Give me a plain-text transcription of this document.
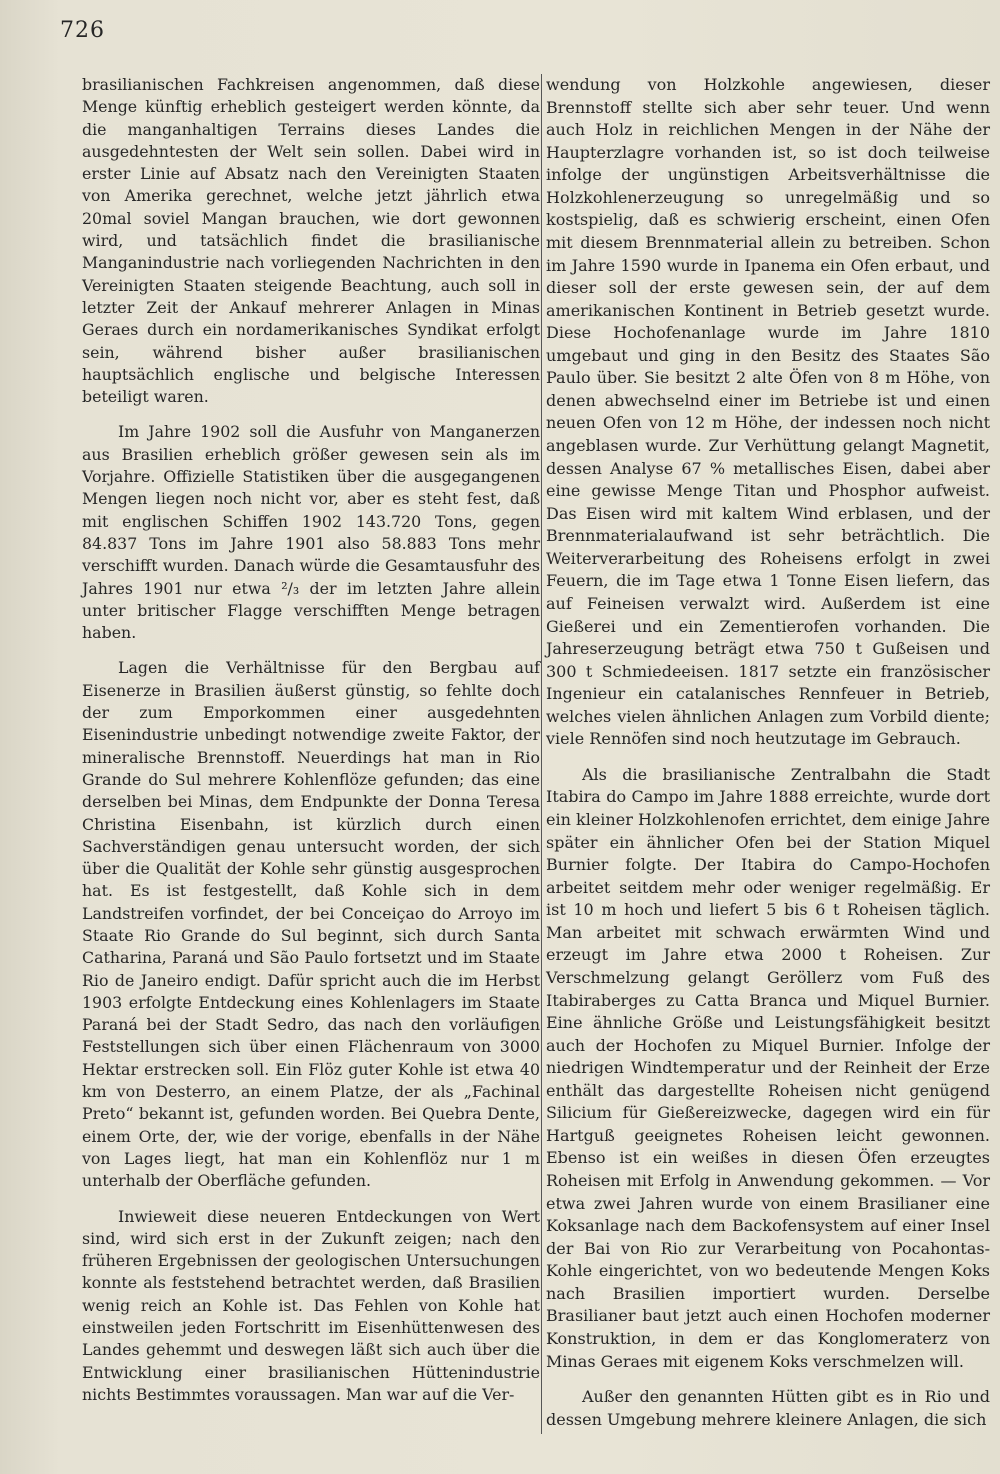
726

brasilianischen Fachkreisen angenommen, daß diese Menge künftig erheblich gesteigert werden könnte, da die manganhaltigen Terrains dieses Landes die ausgedehntesten der Welt sein sollen. Dabei wird in erster Linie auf Absatz nach den Vereinigten Staaten von Amerika gerechnet, welche jetzt jährlich etwa 20mal soviel Mangan brauchen, wie dort gewonnen wird, und tatsächlich findet die brasilianische Manganindustrie nach vorliegenden Nachrichten in den Vereinigten Staaten steigende Beachtung, auch soll in letzter Zeit der Ankauf mehrerer Anlagen in Minas Geraes durch ein nordamerikanisches Syndikat erfolgt sein, während bisher außer brasilianischen hauptsächlich englische und belgische Interessen beteiligt waren.

Im Jahre 1902 soll die Ausfuhr von Manganerzen aus Brasilien erheblich größer gewesen sein als im Vorjahre. Offizielle Statistiken über die ausgegangenen Mengen liegen noch nicht vor, aber es steht fest, daß mit englischen Schiffen 1902 143.720 Tons, gegen 84.837 Tons im Jahre 1901 also 58.883 Tons mehr verschifft wurden. Danach würde die Gesamtausfuhr des Jahres 1901 nur etwa ²/₃ der im letzten Jahre allein unter britischer Flagge verschifften Menge betragen haben.

Lagen die Verhältnisse für den Bergbau auf Eisenerze in Brasilien äußerst günstig, so fehlte doch der zum Emporkommen einer ausgedehnten Eisenindustrie unbedingt notwendige zweite Faktor, der mineralische Brennstoff. Neuerdings hat man in Rio Grande do Sul mehrere Kohlenflöze gefunden; das eine derselben bei Minas, dem Endpunkte der Donna Teresa Christina Eisenbahn, ist kürzlich durch einen Sachverständigen genau untersucht worden, der sich über die Qualität der Kohle sehr günstig ausgesprochen hat. Es ist festgestellt, daß Kohle sich in dem Landstreifen vorfindet, der bei Conceiçao do Arroyo im Staate Rio Grande do Sul beginnt, sich durch Santa Catharina, Paraná und São Paulo fortsetzt und im Staate Rio de Janeiro endigt. Dafür spricht auch die im Herbst 1903 erfolgte Entdeckung eines Kohlenlagers im Staate Paraná bei der Stadt Sedro, das nach den vorläufigen Feststellungen sich über einen Flächenraum von 3000 Hektar erstrecken soll. Ein Flöz guter Kohle ist etwa 40 km von Desterro, an einem Platze, der als „Fachinal Preto“ bekannt ist, gefunden worden. Bei Quebra Dente, einem Orte, der, wie der vorige, ebenfalls in der Nähe von Lages liegt, hat man ein Kohlenflöz nur 1 m unterhalb der Oberfläche gefunden.

Inwieweit diese neueren Entdeckungen von Wert sind, wird sich erst in der Zukunft zeigen; nach den früheren Ergebnissen der geologischen Untersuchungen konnte als feststehend betrachtet werden, daß Brasilien wenig reich an Kohle ist. Das Fehlen von Kohle hat einstweilen jeden Fortschritt im Eisenhüttenwesen des Landes gehemmt und deswegen läßt sich auch über die Entwicklung einer brasilianischen Hüttenindustrie nichts Bestimmtes voraussagen. Man war auf die Ver-

wendung von Holzkohle angewiesen, dieser Brennstoff stellte sich aber sehr teuer. Und wenn auch Holz in reichlichen Mengen in der Nähe der Haupterzlagre vorhanden ist, so ist doch teilweise infolge der ungünstigen Arbeitsverhältnisse die Holzkohlenerzeugung so unregelmäßig und so kostspielig, daß es schwierig erscheint, einen Ofen mit diesem Brennmaterial allein zu betreiben. Schon im Jahre 1590 wurde in Ipanema ein Ofen erbaut, und dieser soll der erste gewesen sein, der auf dem amerikanischen Kontinent in Betrieb gesetzt wurde. Diese Hochofenanlage wurde im Jahre 1810 umgebaut und ging in den Besitz des Staates São Paulo über. Sie besitzt 2 alte Öfen von 8 m Höhe, von denen abwechselnd einer im Betriebe ist und einen neuen Ofen von 12 m Höhe, der indessen noch nicht angeblasen wurde. Zur Verhüttung gelangt Magnetit, dessen Analyse 67 % metallisches Eisen, dabei aber eine gewisse Menge Titan und Phosphor aufweist. Das Eisen wird mit kaltem Wind erblasen, und der Brennmaterialaufwand ist sehr beträchtlich. Die Weiterverarbeitung des Roheisens erfolgt in zwei Feuern, die im Tage etwa 1 Tonne Eisen liefern, das auf Feineisen verwalzt wird. Außerdem ist eine Gießerei und ein Zementierofen vorhanden. Die Jahreserzeugung beträgt etwa 750 t Gußeisen und 300 t Schmiedeeisen. 1817 setzte ein französischer Ingenieur ein catalanisches Rennfeuer in Betrieb, welches vielen ähnlichen Anlagen zum Vorbild diente; viele Rennöfen sind noch heutzutage im Gebrauch.

Als die brasilianische Zentralbahn die Stadt Itabira do Campo im Jahre 1888 erreichte, wurde dort ein kleiner Holzkohlenofen errichtet, dem einige Jahre später ein ähnlicher Ofen bei der Station Miquel Burnier folgte. Der Itabira do Campo-Hochofen arbeitet seitdem mehr oder weniger regelmäßig. Er ist 10 m hoch und liefert 5 bis 6 t Roheisen täglich. Man arbeitet mit schwach erwärmten Wind und erzeugt im Jahre etwa 2000 t Roheisen. Zur Verschmelzung gelangt Geröllerz vom Fuß des Itabiraberges zu Catta Branca und Miquel Burnier. Eine ähnliche Größe und Leistungsfähigkeit besitzt auch der Hochofen zu Miquel Burnier. Infolge der niedrigen Windtemperatur und der Reinheit der Erze enthält das dargestellte Roheisen nicht genügend Silicium für Gießereizwecke, dagegen wird ein für Hartguß geeignetes Roheisen leicht gewonnen. Ebenso ist ein weißes in diesen Öfen erzeugtes Roheisen mit Erfolg in Anwendung gekommen. — Vor etwa zwei Jahren wurde von einem Brasilianer eine Koksanlage nach dem Backofensystem auf einer Insel der Bai von Rio zur Verarbeitung von Pocahontas-Kohle eingerichtet, von wo bedeutende Mengen Koks nach Brasilien importiert wurden. Derselbe Brasilianer baut jetzt auch einen Hochofen moderner Konstruktion, in dem er das Konglomeraterz von Minas Geraes mit eigenem Koks verschmelzen will.

Außer den genannten Hütten gibt es in Rio und dessen Umgebung mehrere kleinere Anlagen, die sich
